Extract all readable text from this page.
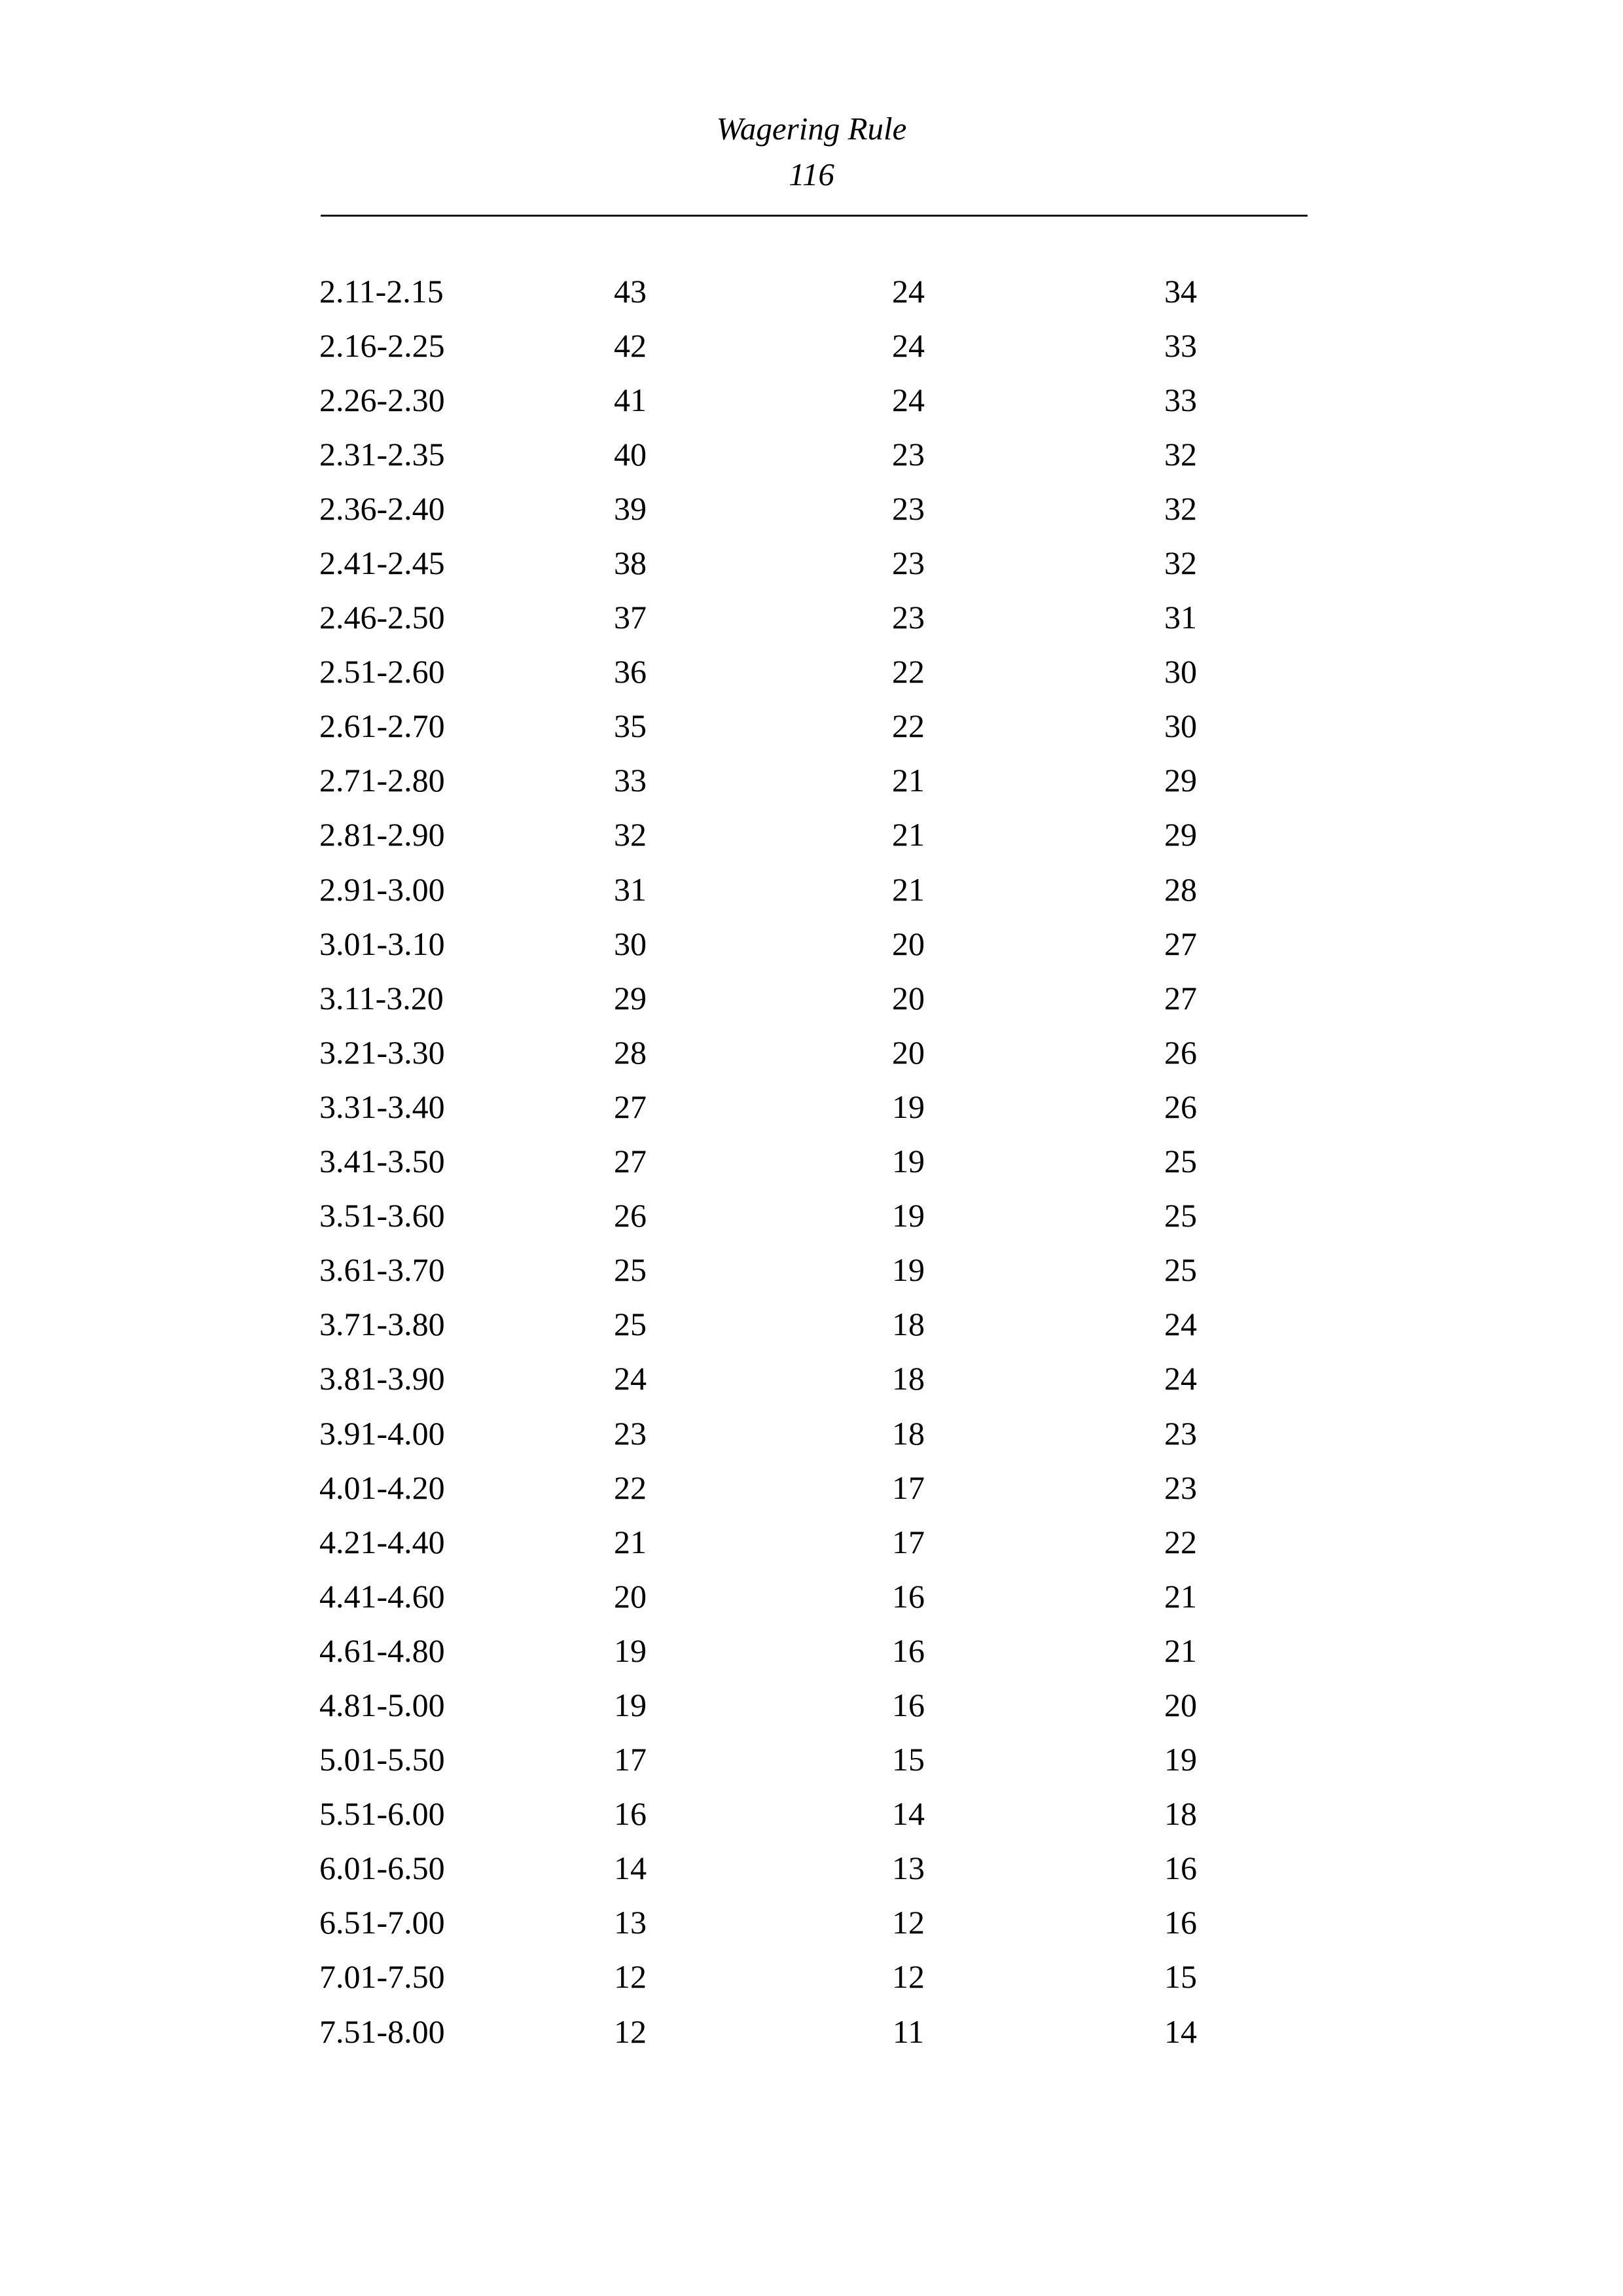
Wagering Rule
116
2.11-2.15	43	24	34
2.16-2.25	42	24	33
2.26-2.30	41	24	33
2.31-2.35	40	23	32
2.36-2.40	39	23	32
2.41-2.45	38	23	32
2.46-2.50	37	23	31
2.51-2.60	36	22	30
2.61-2.70	35	22	30
2.71-2.80	33	21	29
2.81-2.90	32	21	29
2.91-3.00	31	21	28
3.01-3.10	30	20	27
3.11-3.20	29	20	27
3.21-3.30	28	20	26
3.31-3.40	27	19	26
3.41-3.50	27	19	25
3.51-3.60	26	19	25
3.61-3.70	25	19	25
3.71-3.80	25	18	24
3.81-3.90	24	18	24
3.91-4.00	23	18	23
4.01-4.20	22	17	23
4.21-4.40	21	17	22
4.41-4.60	20	16	21
4.61-4.80	19	16	21
4.81-5.00	19	16	20
5.01-5.50	17	15	19
5.51-6.00	16	14	18
6.01-6.50	14	13	16
6.51-7.00	13	12	16
7.01-7.50	12	12	15
7.51-8.00	12	11	14
